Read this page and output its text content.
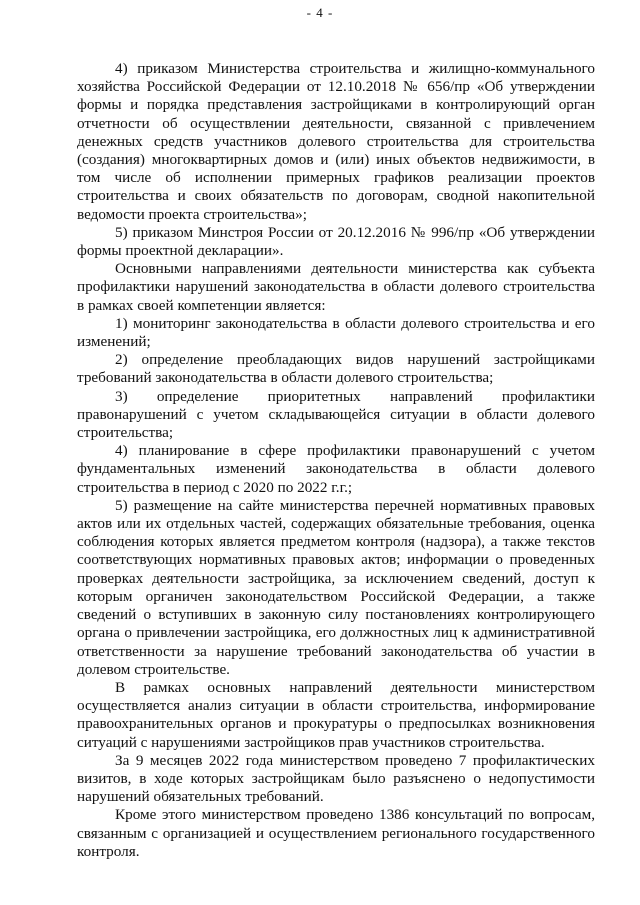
- 4 -

4) приказом Министерства строительства и жилищно-коммунального хозяйства Российской Федерации от 12.10.2018 № 656/пр «Об утверждении формы и порядка представления застройщиками в контролирующий орган отчетности об осуществлении деятельности, связанной с привлечением денежных средств участников долевого строительства для строительства (создания) многоквартирных домов и (или) иных объектов недвижимости, в том числе об исполнении примерных графиков реализации проектов строительства и своих обязательств по договорам, сводной накопительной ведомости проекта строительства»;

5) приказом Минстроя России от 20.12.2016 № 996/пр «Об утверждении формы проектной декларации».

Основными направлениями деятельности министерства как субъекта профилактики нарушений законодательства в области долевого строительства в рамках своей компетенции является:

1) мониторинг законодательства в области долевого строительства и его изменений;

2) определение преобладающих видов нарушений застройщиками требований законодательства в области долевого строительства;

3) определение приоритетных направлений профилактики правонарушений с учетом складывающейся ситуации в области долевого строительства;

4) планирование в сфере профилактики правонарушений с учетом фундаментальных изменений законодательства в области долевого строительства в период с 2020 по 2022 г.г.;

5) размещение на сайте министерства перечней нормативных правовых актов или их отдельных частей, содержащих обязательные требования, оценка соблюдения которых является предметом контроля (надзора), а также текстов соответствующих нормативных правовых актов; информации о проведенных проверках деятельности застройщика, за исключением сведений, доступ к которым органичен законодательством Российской Федерации, а также сведений о вступивших в законную силу постановлениях контролирующего органа о привлечении застройщика, его должностных лиц к административной ответственности за нарушение требований законодательства об участии в долевом строительстве.

В рамках основных направлений деятельности министерством осуществляется анализ ситуации в области строительства, информирование правоохранительных органов и прокуратуры о предпосылках возникновения ситуаций с нарушениями застройщиков прав участников строительства.

За 9 месяцев 2022 года министерством проведено 7 профилактических визитов, в ходе которых застройщикам было разъяснено о недопустимости нарушений обязательных требований.

Кроме этого министерством проведено 1386 консультаций по вопросам, связанным с организацией и осуществлением регионального государственного контроля.
